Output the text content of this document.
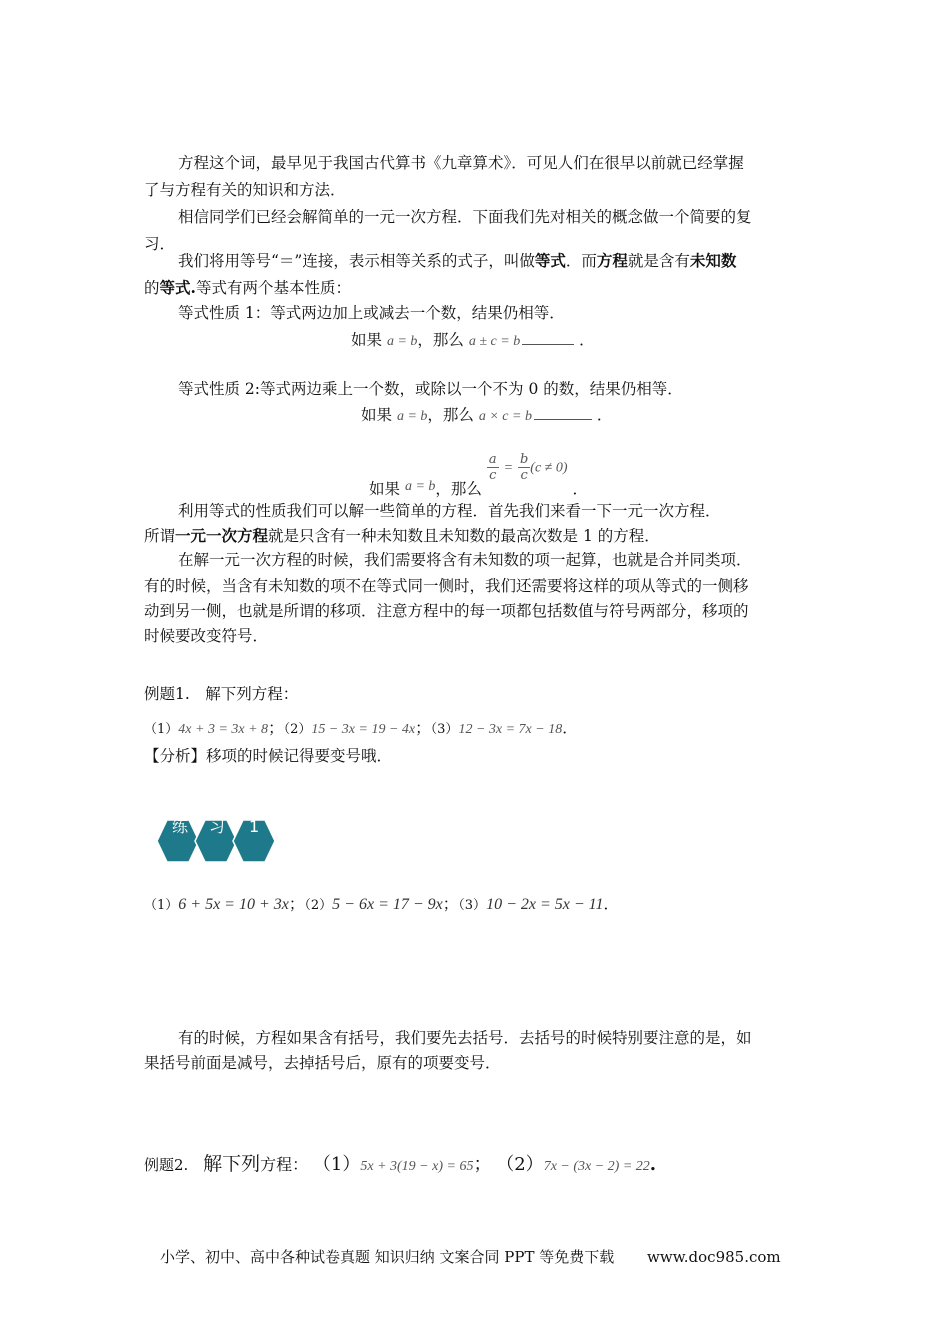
方程这个词，最早见于我国古代算书《九章算术》．可见人们在很早以前就已经掌握
了与方程有关的知识和方法．
相信同学们已经会解简单的一元一次方程．下面我们先对相关的概念做一个简要的复
习．
我们将用等号“＝”连接，表示相等关系的式子，叫做等式．而方程就是含有未知数
的等式.等式有两个基本性质：
等式性质 1：等式两边加上或减去一个数，结果仍相等．
如果 a = b，那么 a ± c = b	．
等式性质 2:等式两边乘上一个数，或除以一个不为 0 的数，结果仍相等．
如果 a = b，那么 a × c = b	．
如果 a = b，那么
$\frac{a}{c} = \frac{b}{c} (c \ne 0)$ ．
利用等式的性质我们可以解一些简单的方程．首先我们来看一下一元一次方程．
所谓一元一次方程就是只含有一种未知数且未知数的最高次数是 1 的方程．
在解一元一次方程的时候，我们需要将含有未知数的项一起算，也就是合并同类项．
有的时候，当含有未知数的项不在等式同一侧时，我们还需要将这样的项从等式的一侧移
动到另一侧，也就是所谓的移项．注意方程中的每一项都包括数值与符号两部分，移项的
时候要改变符号．
例题1.　解下列方程：
（1）4x + 3 = 3x + 8；（2）15 − 3x = 19 − 4x；（3）12 − 3x = 7x − 18．
【分析】移项的时候记得要变号哦．
练 习 1
（1）6 + 5x = 10 + 3x；（2）5 − 6x = 17 − 9x；（3）10 − 2x = 5x − 11．
有的时候，方程如果含有括号，我们要先去括号．去括号的时候特别要注意的是，如
果括号前面是减号，去掉括号后，原有的项要变号．
例题2. 解下列方程： （1）5x + 3(19 − x) = 65； （2）7x − (3x − 2) = 22.
小学、初中、高中各种试卷真题 知识归纳 文案合同 PPT 等免费下载 www.doc985.com
